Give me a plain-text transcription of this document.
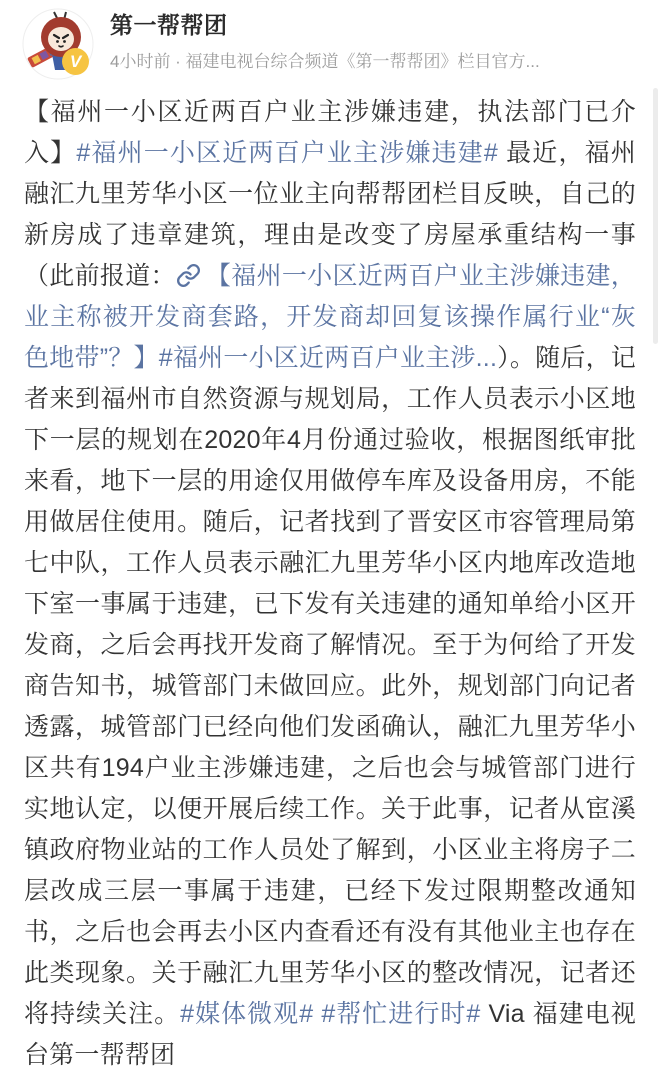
V
第一帮帮团
4小时前 · 福建电视台综合频道《第一帮帮团》栏目官方...
【福州一小区近两百户业主涉嫌违建，执法部门已介入】#福州一小区近两百户业主涉嫌违建# 最近，福州融汇九里芳华小区一位业主向帮帮团栏目反映，自己的新房成了违章建筑，理由是改变了房屋承重结构一事（此前报道： 【福州一小区近两百户业主涉嫌违建，业主称被开发商套路，开发商却回复该操作属行业“灰色地带”？】#福州一小区近两百户业主涉...）。随后，记者来到福州市自然资源与规划局，工作人员表示小区地下一层的规划在2020年4月份通过验收，根据图纸审批来看，地下一层的用途仅用做停车库及设备用房，不能用做居住使用。随后，记者找到了晋安区市容管理局第七中队，工作人员表示融汇九里芳华小区内地库改造地下室一事属于违建，已下发有关违建的通知单给小区开发商，之后会再找开发商了解情况。至于为何给了开发商告知书，城管部门未做回应。此外，规划部门向记者透露，城管部门已经向他们发函确认，融汇九里芳华小区共有194户业主涉嫌违建，之后也会与城管部门进行实地认定，以便开展后续工作。关于此事，记者从宦溪镇政府物业站的工作人员处了解到，小区业主将房子二层改成三层一事属于违建，已经下发过限期整改通知书，之后也会再去小区内查看还有没有其他业主也存在此类现象。关于融汇九里芳华小区的整改情况，记者还将持续关注。#媒体微观# #帮忙进行时# Via 福建电视台第一帮帮团
